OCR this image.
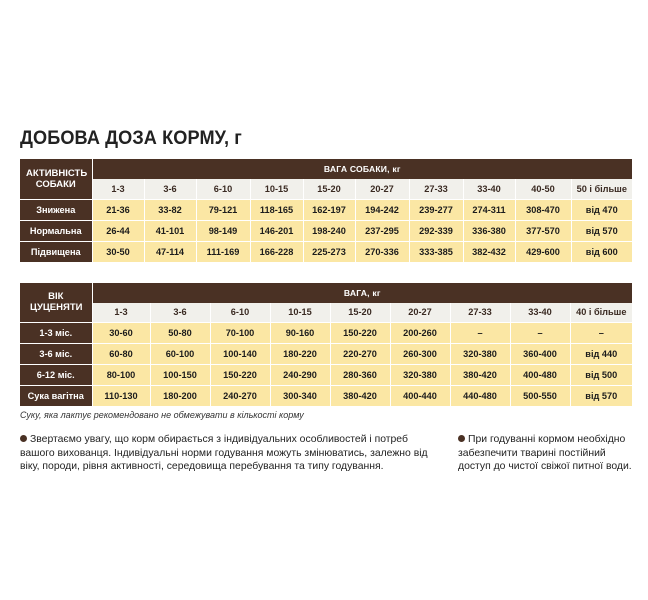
ДОБОВА ДОЗА КОРМУ, г
АКТИВНІСТЬ СОБАКИ	ВАГА СОБАКИ, кг									
	1-3	3-6	6-10	10-15	15-20	20-27	27-33	33-40	40-50	50 і більше
Знижена	21-36	33-82	79-121	118-165	162-197	194-242	239-277	274-311	308-470	від 470
Нормальна	26-44	41-101	98-149	146-201	198-240	237-295	292-339	336-380	377-570	від 570
Підвищена	30-50	47-114	111-169	166-228	225-273	270-336	333-385	382-432	429-600	від 600
ВІК ЦУЦЕНЯТИ	ВАГА, кг								
	1-3	3-6	6-10	10-15	15-20	20-27	27-33	33-40	40 і більше
1-3 міс.	30-60	50-80	70-100	90-160	150-220	200-260	–	–	–
3-6 міс.	60-80	60-100	100-140	180-220	220-270	260-300	320-380	360-400	від 440
6-12 міс.	80-100	100-150	150-220	240-290	280-360	320-380	380-420	400-480	від 500
Сука вагітна	110-130	180-200	240-270	300-340	380-420	400-440	440-480	500-550	від 570
Суку, яка лактує рекомендовано не обмежувати в кількості корму
Звертаємо увагу, що корм обирається з індивідуальних особливостей і потреб вашого вихованця. Індивідуальні норми годування можуть змінюватись, залежно від віку, породи, рівня активності, середовища перебування та типу годування.
При годуванні кормом необхідно забезпечити тварині постійний доступ до чистої свіжої питної води.
